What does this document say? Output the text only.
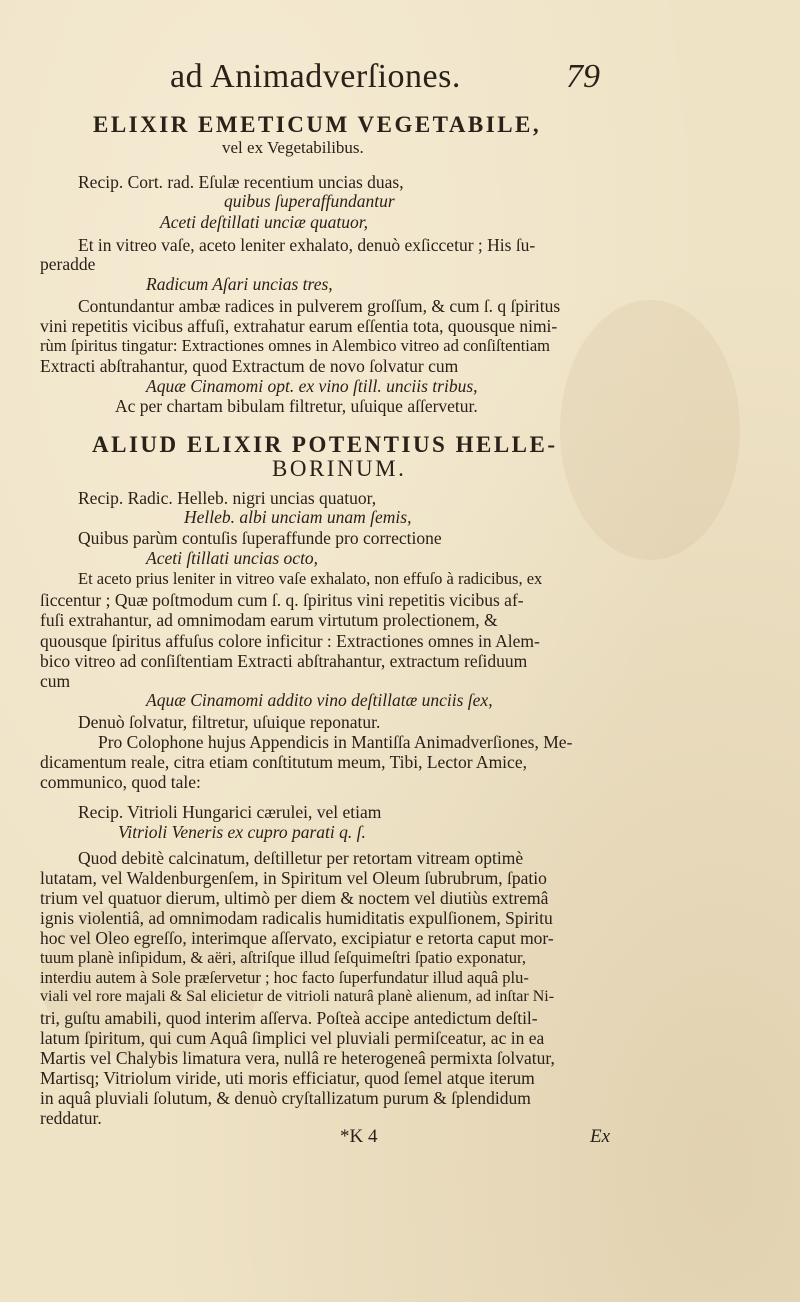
ad Animadverſiones.	79
ELIXIR EMETICUM VEGETABILE,
vel ex Vegetabilibus.
Recip. Cort. rad. Eſulæ recentium uncias duas,
quibus ſuperaffundantur
Aceti deſtillati unciæ quatuor,
Et in vitreo vaſe, aceto leniter exhalato, denuò exſiccetur ; His ſu-
peradde
Radicum Aſari uncias tres,
Contundantur ambæ radices in pulverem groſſum, & cum ſ. q ſpiritus
vini repetitis vicibus affuſi, extrahatur earum eſſentia tota, quousque nimi-
rùm ſpiritus tingatur: Extractiones omnes in Alembico vitreo ad conſiſtentiam
Extracti abſtrahantur, quod Extractum de novo ſolvatur cum
Aquæ Cinamomi opt. ex vino ſtill. unciis tribus,
Ac per chartam bibulam filtretur, uſuique aſſervetur.
ALIUD ELIXIR POTENTIUS HELLE-
BORINUM.
Recip. Radic. Helleb. nigri uncias quatuor,
Helleb. albi unciam unam ſemis,
Quibus parùm contuſis ſuperaffunde pro correctione
Aceti ſtillati uncias octo,
Et aceto prius leniter in vitreo vaſe exhalato, non effuſo à radicibus, ex
ſiccentur ; Quæ poſtmodum cum ſ. q. ſpiritus vini repetitis vicibus af-
fuſi extrahantur, ad omnimodam earum virtutum prolectionem, &
quousque ſpiritus affuſus colore inficitur : Extractiones omnes in Alem-
bico vitreo ad conſiſtentiam Extracti abſtrahantur, extractum reſiduum
cum
Aquæ Cinamomi addito vino deſtillatæ unciis ſex,
Denuò ſolvatur, filtretur, uſuique reponatur.
Pro Colophone hujus Appendicis in Mantiſſa Animadverſiones, Me-
dicamentum reale, citra etiam conſtitutum meum, Tibi, Lector Amice,
communico, quod tale:
Recip. Vitrioli Hungarici cærulei, vel etiam
Vitrioli Veneris ex cupro parati q. ſ.
Quod debitè calcinatum, deſtilletur per retortam vitream optimè
lutatam, vel Waldenburgenſem, in Spiritum vel Oleum ſubrubrum, ſpatio
trium vel quatuor dierum, ultimò per diem & noctem vel diutiùs extremâ
ignis violentiâ, ad omnimodam radicalis humiditatis expulſionem, Spiritu
hoc vel Oleo egreſſo, interimque aſſervato, excipiatur e retorta caput mor-
tuum planè inſipidum, & aëri, aſtriſque illud ſeſquimeſtri ſpatio exponatur,
interdiu autem à Sole præſervetur ; hoc facto ſuperfundatur illud aquâ plu-
viali vel rore majali & Sal elicietur de vitrioli naturâ planè alienum, ad inſtar Ni-
tri, guſtu amabili, quod interim aſſerva. Poſteà accipe antedictum deſtil-
latum ſpiritum, qui cum Aquâ ſimplici vel pluviali permiſceatur, ac in ea
Martis vel Chalybis limatura vera, nullâ re heterogeneâ permixta ſolvatur,
Martisq; Vitriolum viride, uti moris efficiatur, quod ſemel atque iterum
in aquâ pluviali ſolutum, & denuò cryſtallizatum purum & ſplendidum
reddatur.
*K 4	Ex
